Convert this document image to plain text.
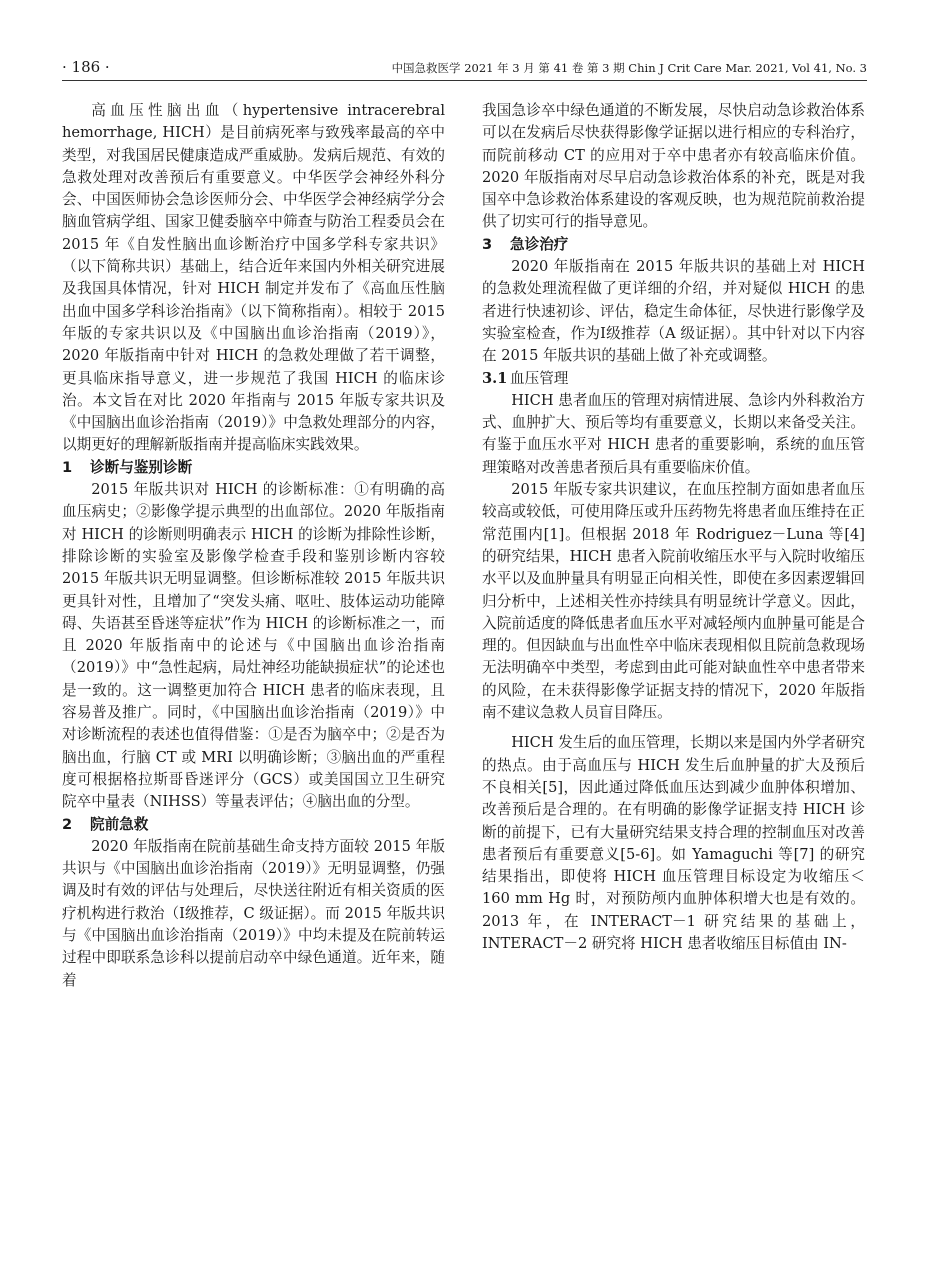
· 186 ·	中国急救医学 2021 年 3 月 第 41 卷 第 3 期 Chin J Crit Care Mar. 2021, Vol 41, No. 3

高血压性脑出血（hypertensive intracerebral hemorrhage, HICH）是目前病死率与致残率最高的卒中类型，对我国居民健康造成严重威胁。发病后规范、有效的急救处理对改善预后有重要意义。中华医学会神经外科分会、中国医师协会急诊医师分会、中华医学会神经病学分会脑血管病学组、国家卫健委脑卒中筛查与防治工程委员会在 2015 年《自发性脑出血诊断治疗中国多学科专家共识》（以下简称共识）基础上，结合近年来国内外相关研究进展及我国具体情况，针对 HICH 制定并发布了《高血压性脑出血中国多学科诊治指南》（以下简称指南）。相较于 2015 年版的专家共识以及《中国脑出血诊治指南（2019）》，2020 年版指南中针对 HICH 的急救处理做了若干调整，更具临床指导意义，进一步规范了我国 HICH 的临床诊治。本文旨在对比 2020 年指南与 2015 年版专家共识及《中国脑出血诊治指南（2019）》中急救处理部分的内容，以期更好的理解新版指南并提高临床实践效果。

1 诊断与鉴别诊断

2015 年版共识对 HICH 的诊断标准：①有明确的高血压病史；②影像学提示典型的出血部位。2020 年版指南对 HICH 的诊断则明确表示 HICH 的诊断为排除性诊断，排除诊断的实验室及影像学检查手段和鉴别诊断内容较 2015 年版共识无明显调整。但诊断标准较 2015 年版共识更具针对性，且增加了“突发头痛、呕吐、肢体运动功能障碍、失语甚至昏迷等症状”作为 HICH 的诊断标准之一，而且 2020 年版指南中的论述与《中国脑出血诊治指南（2019）》中“急性起病，局灶神经功能缺损症状”的论述也是一致的。这一调整更加符合 HICH 患者的临床表现，且容易普及推广。同时，《中国脑出血诊治指南（2019）》中对诊断流程的表述也值得借鉴：①是否为脑卒中；②是否为脑出血，行脑 CT 或 MRI 以明确诊断；③脑出血的严重程度可根据格拉斯哥昏迷评分（GCS）或美国国立卫生研究院卒中量表（NIHSS）等量表评估；④脑出血的分型。

2 院前急救

2020 年版指南在院前基础生命支持方面较 2015 年版共识与《中国脑出血诊治指南（2019）》无明显调整，仍强调及时有效的评估与处理后，尽快送往附近有相关资质的医疗机构进行救治（Ⅰ级推荐，C 级证据）。而 2015 年版共识与《中国脑出血诊治指南（2019）》中均未提及在院前转运过程中即联系急诊科以提前启动卒中绿色通道。近年来，随着

我国急诊卒中绿色通道的不断发展，尽快启动急诊救治体系可以在发病后尽快获得影像学证据以进行相应的专科治疗，而院前移动 CT 的应用对于卒中患者亦有较高临床价值。2020 年版指南对尽早启动急诊救治体系的补充，既是对我国卒中急诊救治体系建设的客观反映，也为规范院前救治提供了切实可行的指导意见。

3 急诊治疗

2020 年版指南在 2015 年版共识的基础上对 HICH 的急救处理流程做了更详细的介绍，并对疑似 HICH 的患者进行快速初诊、评估，稳定生命体征，尽快进行影像学及实验室检查，作为Ⅰ级推荐（A 级证据）。其中针对以下内容在 2015 年版共识的基础上做了补充或调整。

3.1 血压管理

HICH 患者血压的管理对病情进展、急诊内外科救治方式、血肿扩大、预后等均有重要意义，长期以来备受关注。有鉴于血压水平对 HICH 患者的重要影响，系统的血压管理策略对改善患者预后具有重要临床价值。

2015 年版专家共识建议，在血压控制方面如患者血压较高或较低，可使用降压或升压药物先将患者血压维持在正常范围内[1]。但根据 2018 年 Rodriguez－Luna 等[4] 的研究结果，HICH 患者入院前收缩压水平与入院时收缩压水平以及血肿量具有明显正向相关性，即使在多因素逻辑回归分析中，上述相关性亦持续具有明显统计学意义。因此，入院前适度的降低患者血压水平对减轻颅内血肿量可能是合理的。但因缺血与出血性卒中临床表现相似且院前急救现场无法明确卒中类型，考虑到由此可能对缺血性卒中患者带来的风险，在未获得影像学证据支持的情况下，2020 年版指南不建议急救人员盲目降压。

HICH 发生后的血压管理，长期以来是国内外学者研究的热点。由于高血压与 HICH 发生后血肿量的扩大及预后不良相关[5]，因此通过降低血压达到减少血肿体积增加、改善预后是合理的。在有明确的影像学证据支持 HICH 诊断的前提下，已有大量研究结果支持合理的控制血压对改善患者预后有重要意义[5-6]。如 Yamaguchi 等[7] 的研究结果指出，即使将 HICH 血压管理目标设定为收缩压＜160 mm Hg 时，对预防颅内血肿体积增大也是有效的。2013 年，在 INTERACT－1 研究结果的基础上，INTERACT－2 研究将 HICH 患者收缩压目标值由 IN-
